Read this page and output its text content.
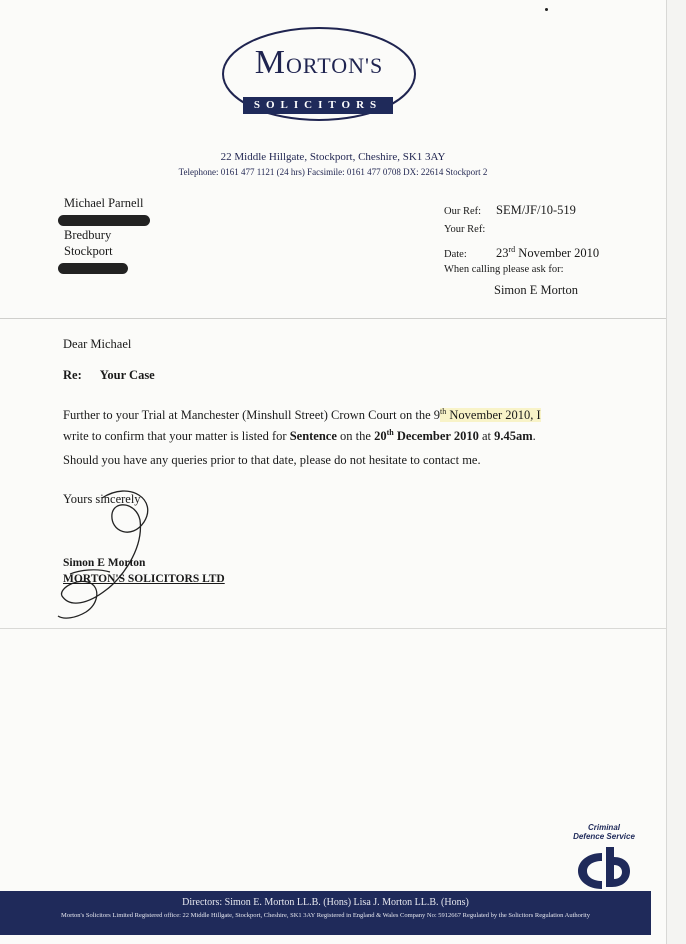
MORTON'S
SOLICITORS
22 Middle Hillgate, Stockport, Cheshire, SK1 3AY
Telephone: 0161 477 1121 (24 hrs) Facsimile: 0161 477 0708 DX: 22614 Stockport 2
Michael Parnell
Bredbury
Stockport
Our Ref: SEM/JF/10-519
Your Ref:
Date: 23rd November 2010
When calling please ask for:
Simon E Morton
Dear Michael
Re: Your Case
Further to your Trial at Manchester (Minshull Street) Crown Court on the 9th November 2010, I
write to confirm that your matter is listed for Sentence on the 20th December 2010 at 9.45am.
Should you have any queries prior to that date, please do not hesitate to contact me.
Yours sincerely
Simon E Morton
MORTON'S SOLICITORS LTD
Criminal
Defence Service
Directors: Simon E. Morton LL.B. (Hons) Lisa J. Morton LL.B. (Hons)
Morton's Solicitors Limited Registered office: 22 Middle Hillgate, Stockport, Cheshire, SK1 3AY Registered in England & Wales Company No: 5912667 Regulated by the Solicitors Regulation Authority
